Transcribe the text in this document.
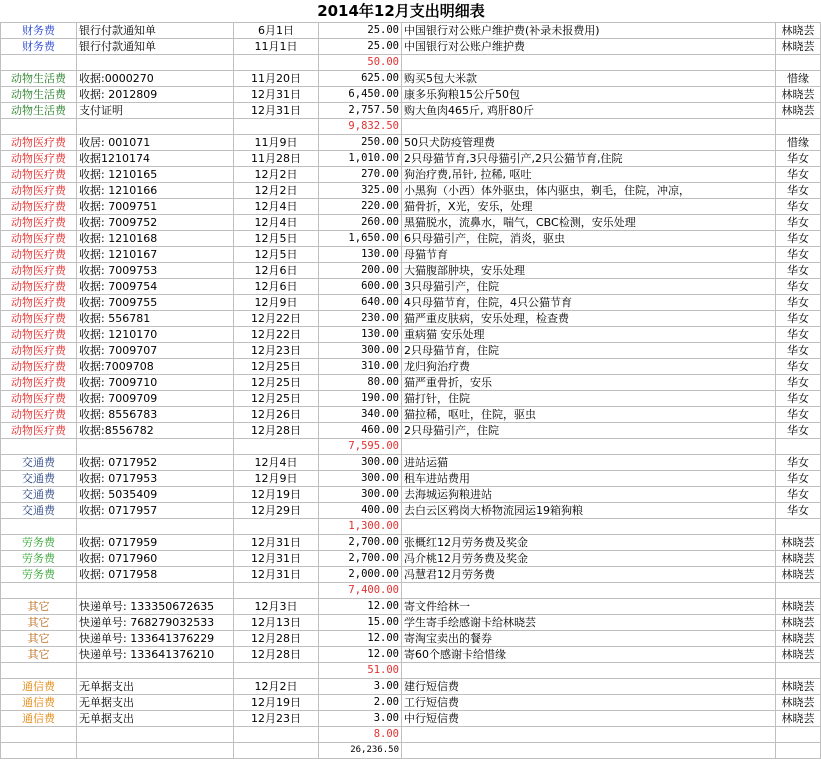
2014年12月支出明细表
财务费	银行付款通知单	6月1日	25.00	中国银行对公账户维护费(补录未报费用)	林晓芸
财务费	银行付款通知单	11月1日	25.00	中国银行对公账户维护费	林晓芸
			50.00		
动物生活费	收据:0000270	11月20日	625.00	购买5包大米款	惜缘
动物生活费	收据: 2012809	12月31日	6,450.00	康多乐狗粮15公斤50包	林晓芸
动物生活费	支付证明	12月31日	2,757.50	购大鱼肉465斤, 鸡肝80斤	林晓芸
			9,832.50		
动物医疗费	收居: 001071	11月9日	250.00	50只犬防疫管理费	惜缘
动物医疗费	收据1210174	11月28日	1,010.00	2只母猫节育,3只母猫引产,2只公猫节育,住院	华女
动物医疗费	收据: 1210165	12月2日	270.00	狗治疗费,吊针, 拉稀, 呕吐	华女
动物医疗费	收据: 1210166	12月2日	325.00	小黑狗（小西）体外驱虫，体内驱虫，剃毛，住院，冲凉，	华女
动物医疗费	收据: 7009751	12月4日	220.00	猫骨折，X光，安乐，处理	华女
动物医疗费	收据: 7009752	12月4日	260.00	黑猫脱水，流鼻水，喘气，CBC检测，安乐处理	华女
动物医疗费	收据: 1210168	12月5日	1,650.00	6只母猫引产，住院，消炎，驱虫	华女
动物医疗费	收据: 1210167	12月5日	130.00	母猫节育	华女
动物医疗费	收据: 7009753	12月6日	200.00	大猫腹部肿块，安乐处理	华女
动物医疗费	收据: 7009754	12月6日	600.00	3只母猫引产，住院	华女
动物医疗费	收据: 7009755	12月9日	640.00	4只母猫节育，住院，4只公猫节育	华女
动物医疗费	收据: 556781	12月22日	230.00	猫严重皮肤病，安乐处理，检查费	华女
动物医疗费	收据: 1210170	12月22日	130.00	重病猫 安乐处理	华女
动物医疗费	收据: 7009707	12月23日	300.00	2只母猫节育，住院	华女
动物医疗费	收据:7009708	12月25日	310.00	龙归狗治疗费	华女
动物医疗费	收据: 7009710	12月25日	80.00	猫严重骨折，安乐	华女
动物医疗费	收据: 7009709	12月25日	190.00	猫打针，住院	华女
动物医疗费	收据: 8556783	12月26日	340.00	猫拉稀，呕吐，住院，驱虫	华女
动物医疗费	收据:8556782	12月28日	460.00	2只母猫引产，住院	华女
			7,595.00		
交通费	收据: 0717952	12月4日	300.00	进站运猫	华女
交通费	收据: 0717953	12月9日	300.00	租车进站费用	华女
交通费	收据: 5035409	12月19日	300.00	去海城运狗粮进站	华女
交通费	收据: 0717957	12月29日	400.00	去白云区鸦岗大桥物流园运19箱狗粮	华女
			1,300.00		
劳务费	收据: 0717959	12月31日	2,700.00	张概红12月劳务费及奖金	林晓芸
劳务费	收据: 0717960	12月31日	2,700.00	冯介桃12月劳务费及奖金	林晓芸
劳务费	收据: 0717958	12月31日	2,000.00	冯慧君12月劳务费	林晓芸
			7,400.00		
其它	快递单号: 133350672635	12月3日	12.00	寄文件给林一	林晓芸
其它	快递单号: 768279032533	12月13日	15.00	学生寄手绘感谢卡给林晓芸	林晓芸
其它	快递单号: 133641376229	12月28日	12.00	寄淘宝卖出的餐券	林晓芸
其它	快递单号: 133641376210	12月28日	12.00	寄60个感谢卡给惜缘	林晓芸
			51.00		
通信费	无单据支出	12月2日	3.00	建行短信费	林晓芸
通信费	无单据支出	12月19日	2.00	工行短信费	林晓芸
通信费	无单据支出	12月23日	3.00	中行短信费	林晓芸
			8.00		
			26,236.50		
